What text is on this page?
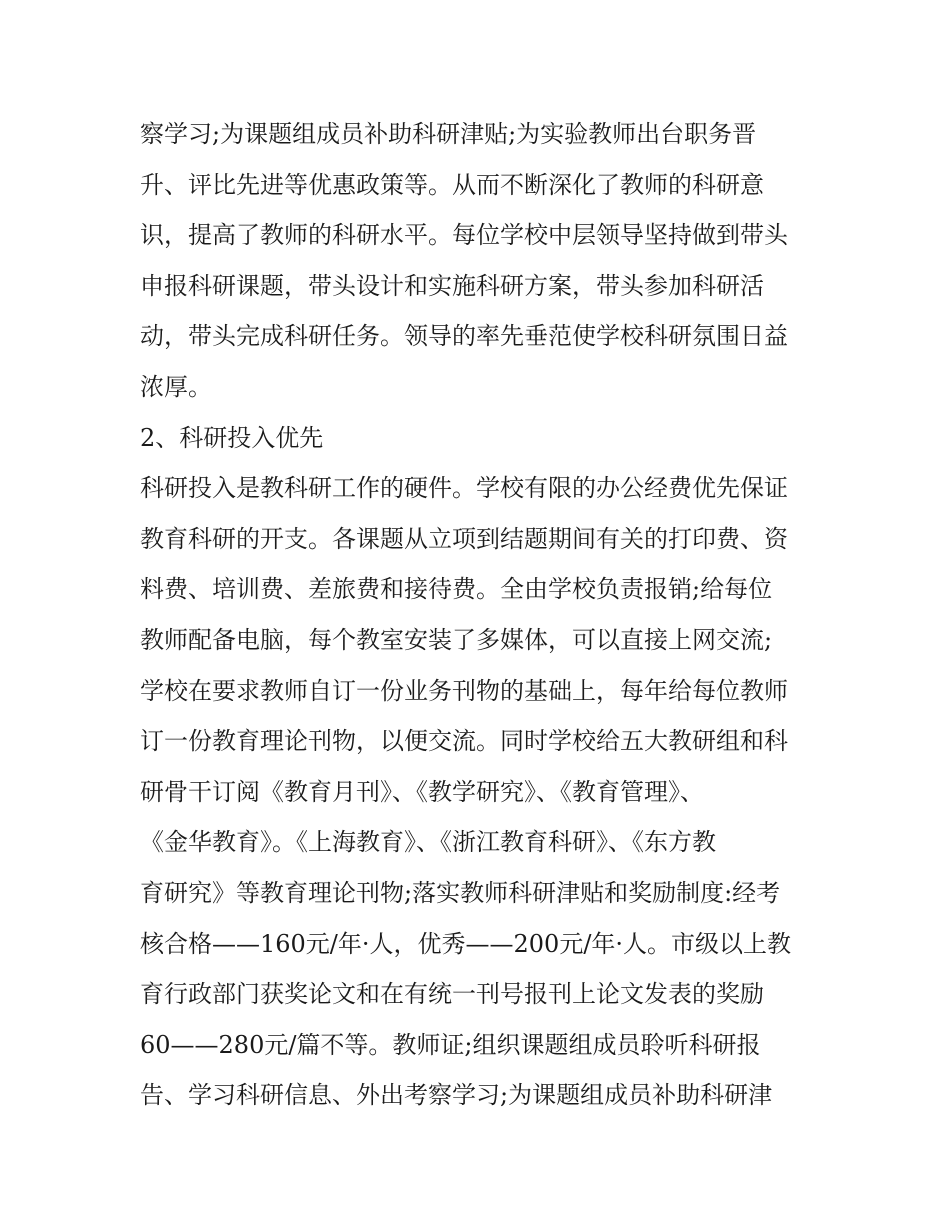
察学习;为课题组成员补助科研津贴;为实验教师出台职务晋
升、评比先进等优惠政策等。从而不断深化了教师的科研意
识，提高了教师的科研水平。每位学校中层领导坚持做到带头
申报科研课题，带头设计和实施科研方案，带头参加科研活
动，带头完成科研任务。领导的率先垂范使学校科研氛围日益
浓厚。
2、科研投入优先
科研投入是教科研工作的硬件。学校有限的办公经费优先保证
教育科研的开支。各课题从立项到结题期间有关的打印费、资
料费、培训费、差旅费和接待费。全由学校负责报销;给每位
教师配备电脑，每个教室安装了多媒体，可以直接上网交流;
学校在要求教师自订一份业务刊物的基础上，每年给每位教师
订一份教育理论刊物，以便交流。同时学校给五大教研组和科
研骨干订阅《教育月刊》、《教学研究》、《教育管理》、
《金华教育》。《上海教育》、《浙江教育科研》、《东方教
育研究》等教育理论刊物;落实教师科研津贴和奖励制度:经考
核合格——160元/年·人，优秀——200元/年·人。市级以上教
育行政部门获奖论文和在有统一刊号报刊上论文发表的奖励
60——280元/篇不等。教师证;组织课题组成员聆听科研报
告、学习科研信息、外出考察学习;为课题组成员补助科研津
